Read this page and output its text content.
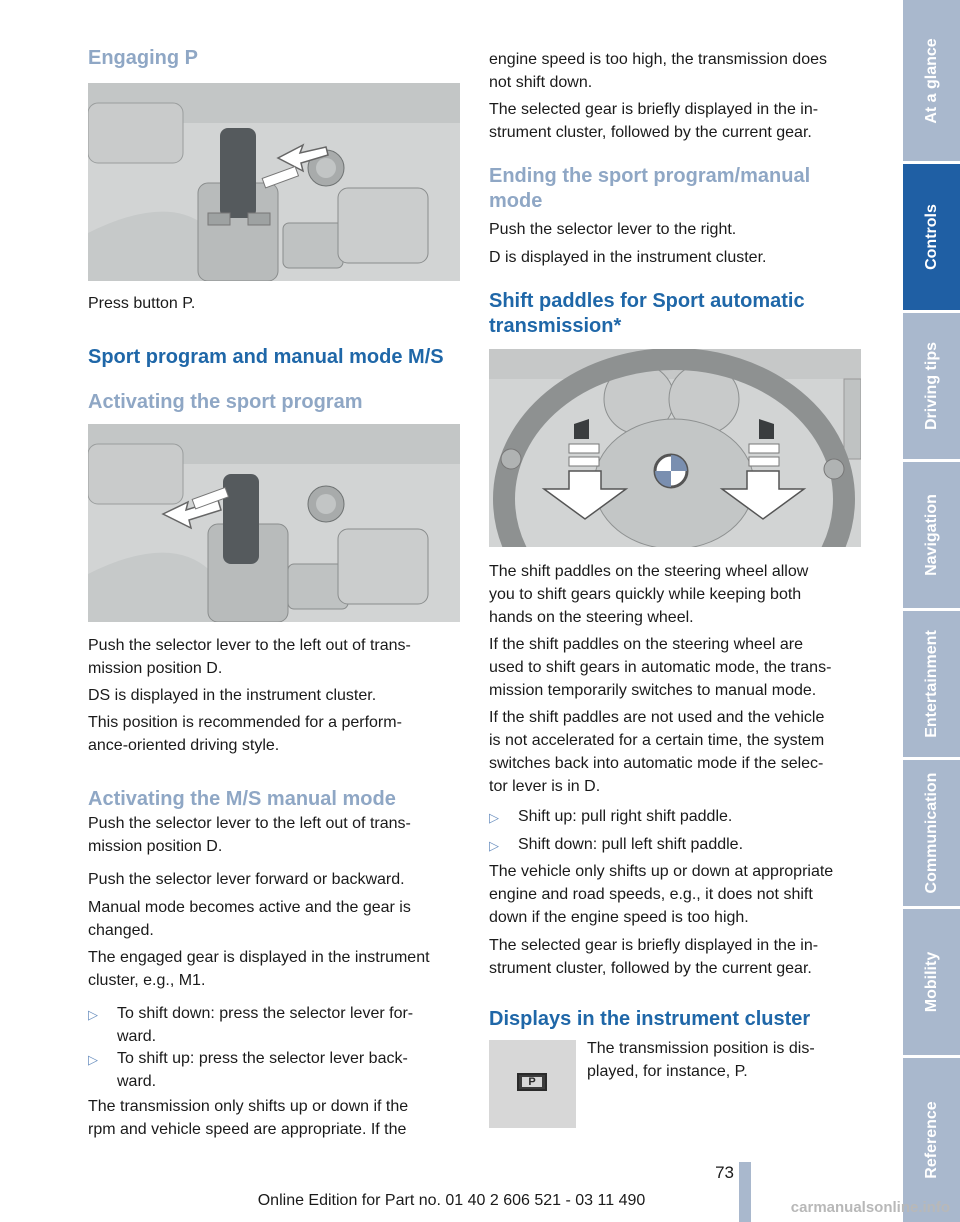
Engaging P

Press button P.

Sport program and manual mode M/S
Activating the sport program

Push the selector lever to the left out of trans-

mission position D.

DS is displayed in the instrument cluster.

This position is recommended for a perform-

ance-oriented driving style.

Activating the M/S manual mode

Push the selector lever to the left out of trans-

mission position D.

Push the selector lever forward or backward.

Manual mode becomes active and the gear is

changed.

The engaged gear is displayed in the instrument

cluster, e.g., M1.

▷	To shift down: press the selector lever for-
ward.
▷	To shift up: press the selector lever back-
ward.

The transmission only shifts up or down if the

rpm and vehicle speed are appropriate. If the

engine speed is too high, the transmission does

not shift down.

The selected gear is briefly displayed in the in-

strument cluster, followed by the current gear.

Ending the sport program/manual
mode

Push the selector lever to the right.

D is displayed in the instrument cluster.

Shift paddles for Sport automatic
transmission*

The shift paddles on the steering wheel allow

you to shift gears quickly while keeping both

hands on the steering wheel.

If the shift paddles on the steering wheel are

used to shift gears in automatic mode, the trans-

mission temporarily switches to manual mode.

If the shift paddles are not used and the vehicle

is not accelerated for a certain time, the system

switches back into automatic mode if the selec-

tor lever is in D.

▷	Shift up: pull right shift paddle.
▷	Shift down: pull left shift paddle.

The vehicle only shifts up or down at appropriate

engine and road speeds, e.g., it does not shift

down if the engine speed is too high.

The selected gear is briefly displayed in the in-

strument cluster, followed by the current gear.

Displays in the instrument cluster
P

The transmission position is dis-

played, for instance, P.

At a glance
Controls
Driving tips
Navigation
Entertainment
Communication
Mobility
Reference
73
Online Edition for Part no. 01 40 2 606 521 - 03 11 490	carmanualsonline.info
